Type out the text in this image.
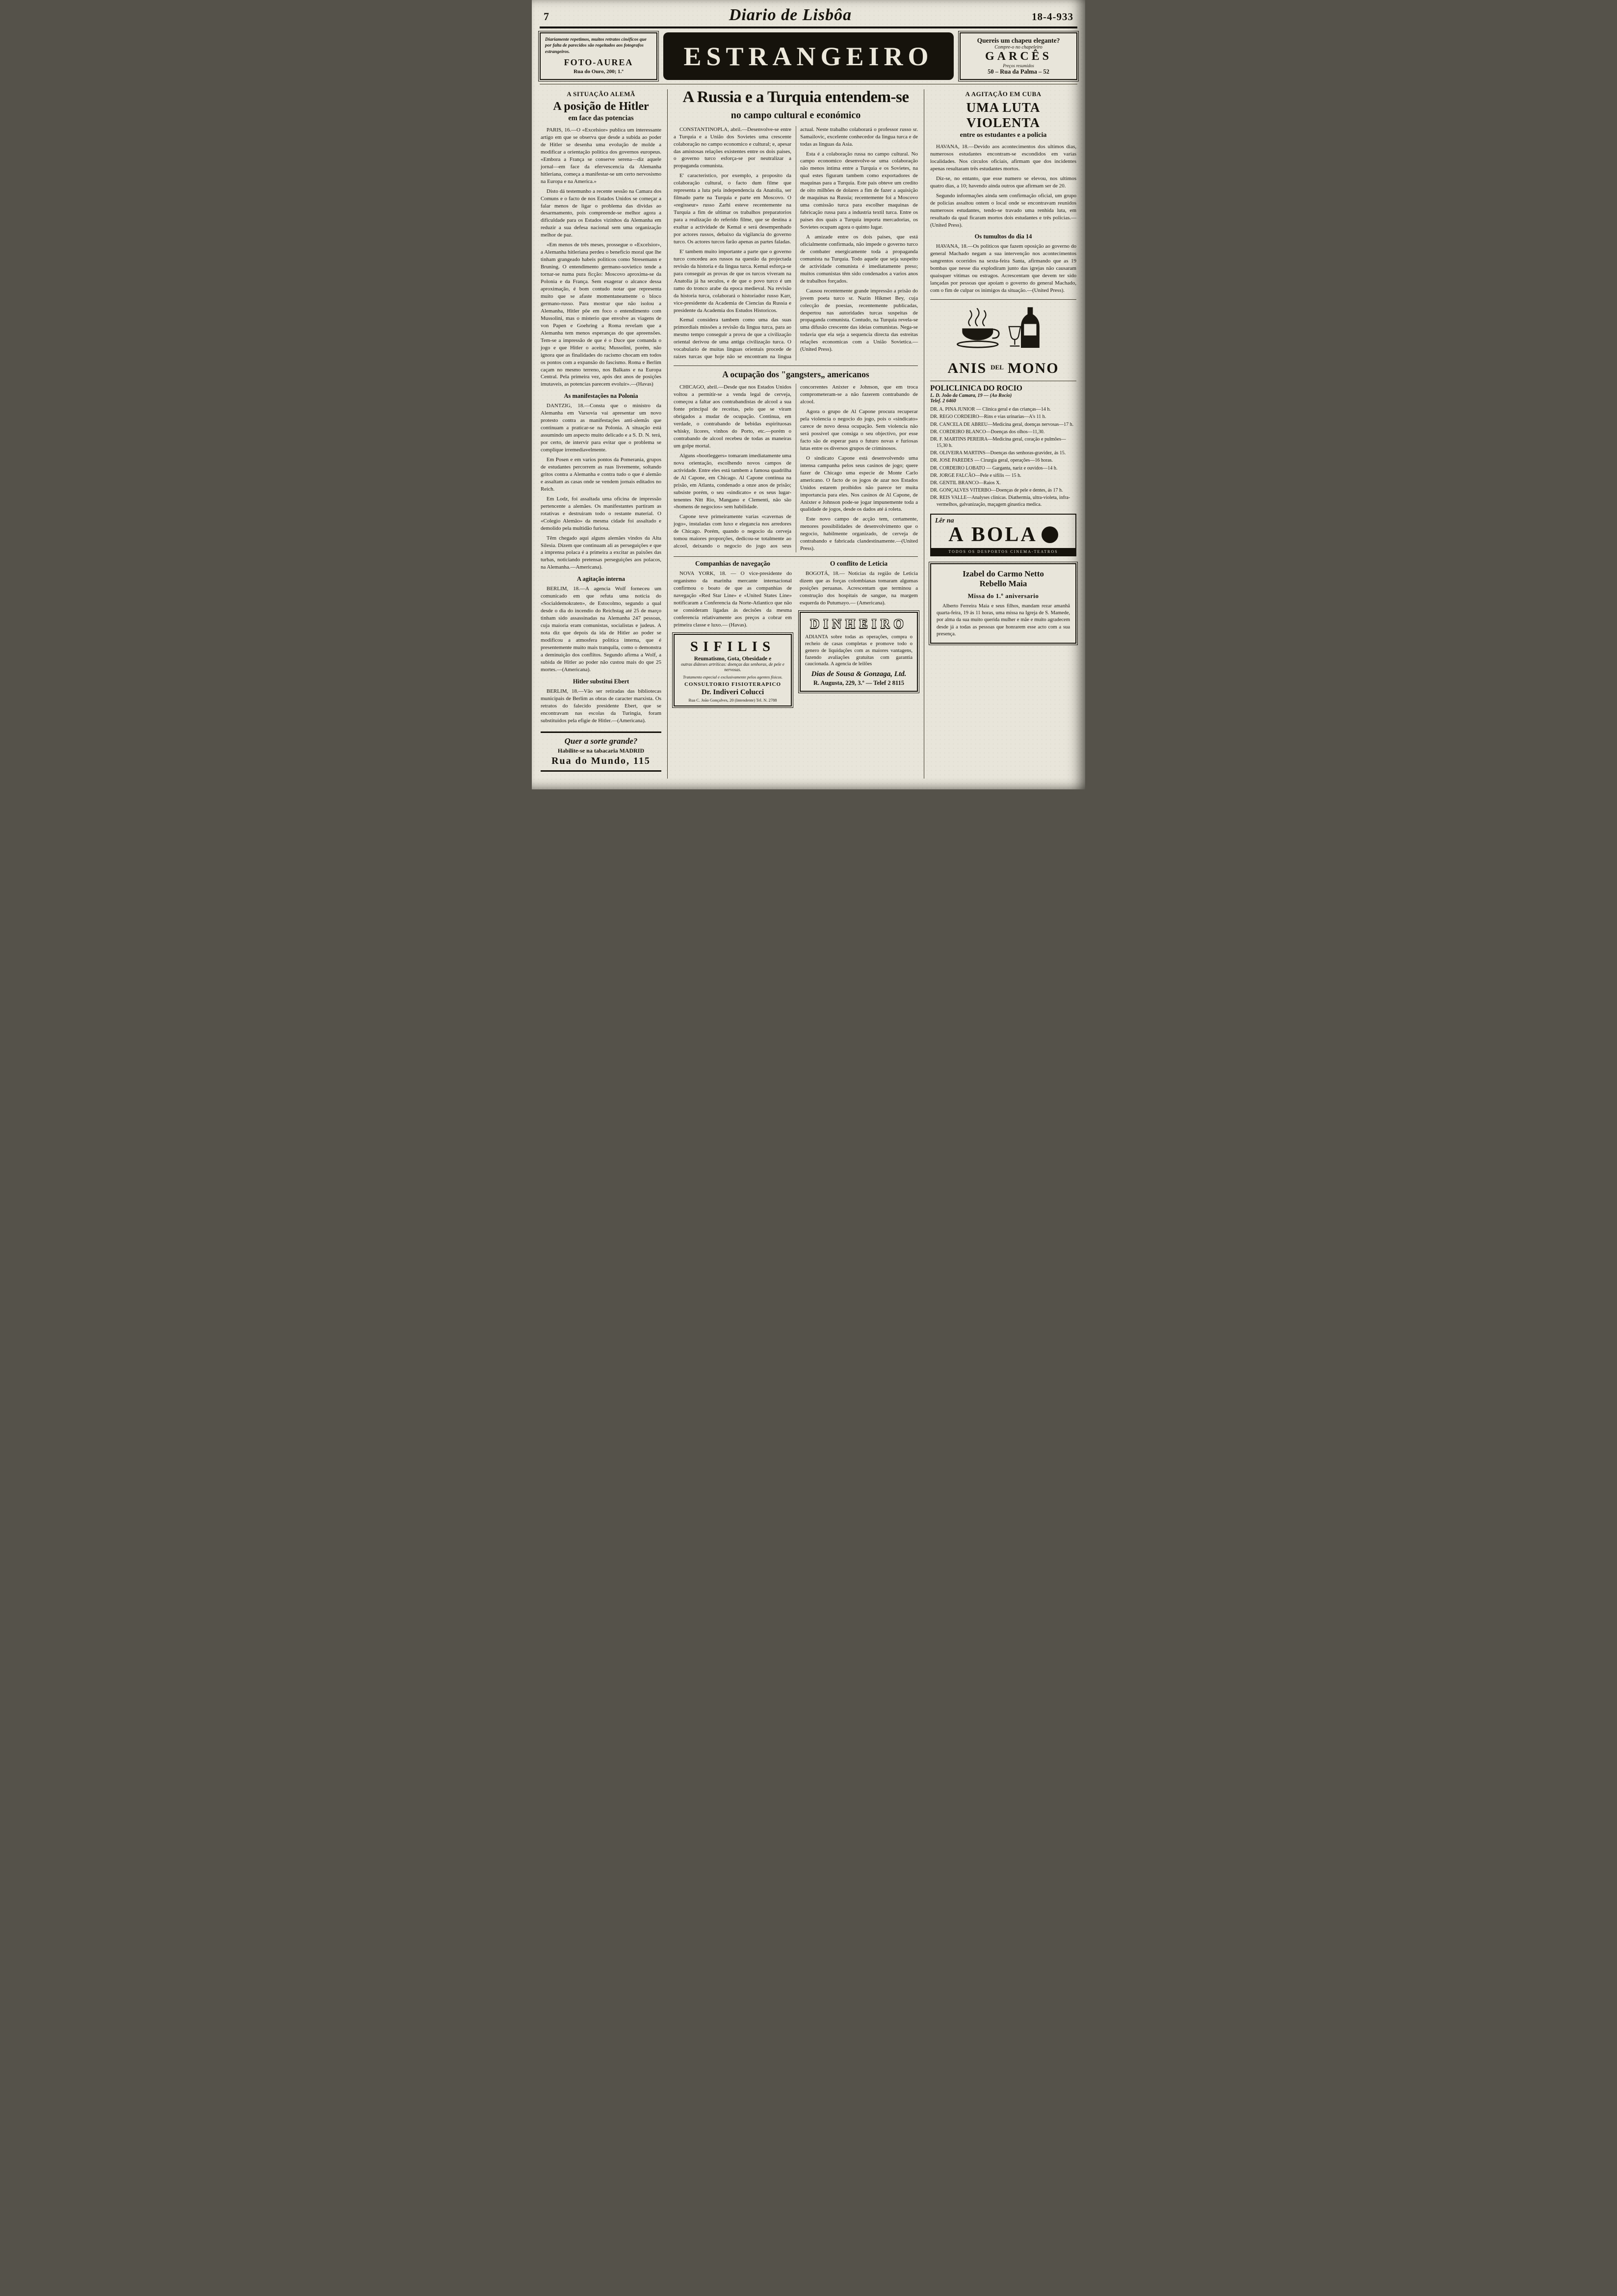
7	Diario de Lisbôa	18-4-933

Diariamente repetimos, muitos retratos cinéficos que por falta de parecidos são regeitados aos fotografos estrangeiros.

FOTO-AUREA
Rua do Ouro, 200; 1.º
ESTRANGEIRO
Quereis um chapeu elegante?
Compre-o no chapeleiro
GARCÊS
Preços resumidos
50 – Rua da Palma – 52
A SITUAÇÃO ALEMÃ
A posição de Hitler
em face das potencias

PARIS, 16.—O «Excelsior» publica um interessante artigo em que se observa que desde a subida ao poder de Hitler se desenha uma evolução de molde a modificar a orientação politica dos governos europeus. «Embora a França se conserve serena—diz aquele jornal—em face da efervescencia da Alemanha hitleriana, começa a manifestar-se um certo nervosismo na Europa e na America.»

Disto dá testemunho a recente sessão na Camara dos Comuns e o facto de nos Estados Unidos se começar a falar menos de ligar o problema das dividas ao desarmamento, pois compreende-se melhor agora a dificuldade para os Estados vizinhos da Alemanha em reduzir a sua defesa nacional sem uma organização melhor de paz.

«Em menos de três meses, prossegue o «Excelsior», a Alemanha hitleriana perdeu o beneficio moral que lhe tinham grangeado habeis politicos como Stresemann e Bruning. O entendimento germano-sovietico tende a tornar-se numa pura ficção: Moscovo aproxima-se da Polonia e da França. Sem exagerar o alcance dessa aproximação, é bom contudo notar que representa muito que se afaste momentaneamente o bloco germano-russo. Para mostrar que não isolou a Alemanha, Hitler põe em foco o entendimento com Mussolini, mas o misterio que envolve as viagens de von Papen e Goehring a Roma revelam que a Alemanha tem menos esperanças do que apreensões. Tem-se a impressão de que é o Duce que comanda o jogo e que Hitler o aceita; Mussolini, porém, não ignora que as finalidades do racismo chocam em todos os pontos com a expansão do fascismo. Roma e Berlim caçam no mesmo terreno, nos Balkans e na Europa Central. Pela primeira vez, após dez anos de posições imutaveis, as potencias parecem evoluir».—(Havas)

As manifestações na Polonia

DANTZIG, 18.—Consta que o ministro da Alemanha em Varsovia vai apresentar um novo protesto contra as manifestações anti-alemãs que continuam a praticar-se na Polonia. A situação está assumindo um aspecto muito delicado e a S. D. N. terá, por certo, de intervir para evitar que o problema se complique irremediavelmente.

Em Posen e em varios pontos da Pomerania, grupos de estudantes percorrem as ruas livremente, soltando gritos contra a Alemanha e contra tudo o que é alemão e assaltam as casas onde se vendem jornais editados no Reich.

Em Lodz, foi assaltada uma oficina de impressão pertencente a alemães. Os manifestantes partiram as rotativas e destruiram todo o restante material. O «Colegio Alemão» da mesma cidade foi assaltado e demolido pela multidão furiosa.

Têm chegado aqui alguns alemães vindos da Alta Silesia. Dizem que continuam ali as perseguições e que a imprensa polaca é a primeira a excitar as paixões das turbas, noticiando pretensas perseguições aos polacos, na Alemanha.—Americana).

A agitação interna

BERLIM, 18.—A agencia Wolf forneceu um comunicado em que refuta uma noticia do «Socialdemokraten», de Estocolmo, segundo a qual desde o dia do incendio do Reichstag até 25 de março tinham sido assassinadas na Alemanha 247 pessoas, cuja maioria eram comunistas, socialistas e judeus. A nota diz que depois da ida de Hitler ao poder se modificou a atmosfera politica interna, que é presentemente muito mais tranquila, como o demonstra a deminuição dos conflitos. Segundo afirma a Wolf, a subida de Hitler ao poder não custou mais do que 25 mortes.—(Americana).

Hitler substitui Ebert

BERLIM, 18.—Vão ser retiradas das bibliotecas municipais de Berlim as obras de caracter marxista. Os retratos do falecido presidente Ebert, que se encontravam nas escolas da Turingia, foram substituidos pela efigie de Hitler.—(Americana).

Quer a sorte grande?
Habilite-se na tabacaria MADRID
Rua do Mundo, 115
A Russia e a Turquia entendem-se
no campo cultural e económico

CONSTANTINOPLA, abril.—Desenvolve-se entre a Turquia e a União dos Sovietes uma crescente colaboração no campo economico e cultural; e, apesar das amistosas relações existentes entre os dois paises, o governo turco esforça-se por neutralizar a propaganda comunista.

E' caracteristico, por exemplo, a proposito da colaboração cultural, o facto dum filme que representa a luta pela independencia da Anatolia, ser filmado parte na Turquia e parte em Moscovo. O «regisseur» russo Zarhi esteve recentemente na Turquia a fim de ultimar os trabalhos preparatorios para a realização do referido filme, que se destina a exaltar a actividade de Kemal e será desempenhado por actores russos, debaixo da vigilancia do governo turco. Os actores turcos farão apenas as partes faladas.

E' tambem muito importante a parte que o governo turco concedeu aos russos na questão da projectada revisão da historia e da lingua turca. Kemal esforça-se para conseguir as provas de que os turcos viveram na Anatolia já ha seculos, e de que o povo turco é um ramo do tronco arabe da epoca medieval. Na revisão da historia turca, colaborará o historiador russo Karr, vice-presidente da Academia de Ciencias da Russia e presidente da Academia dos Estudos Historicos.

Kemal considera tambem como uma das suas primordiais missões a revisão da lingua turca, para ao mesmo tempo conseguir a prova de que a civilização oriental derivou de uma antiga civilização turca. O vocabulario de muitas linguas orientais procede de raizes turcas que hoje não se encontram na lingua actual. Neste trabalho colaborará o professor russo sr. Samailovic, excelente conhecedor da lingua turca e de todas as linguas da Asia.

Esta é a colaboração russa no campo cultural. No campo economico desenvolve-se uma colaboração não menos intima entre a Turquia e os Sovietes, na qual estes figuram tambem como exportadores de maquinas para a Turquia. Este pais obteve um credito de oito milhões de dolares a fim de fazer a aquisição de maquinas na Russia; recentemente foi a Moscovo uma comissão turca para escolher maquinas de fabricação russa para a industria textil turca. Entre os paises dos quais a Turquia importa mercadorias, os Sovietes ocupam agora o quinto lugar.

A amizade entre os dois paises, que está oficialmente confirmada, não impede o governo turco de combater energicamente toda a propaganda comunista na Turquia. Todo aquele que seja suspeito de actividade comunista é imediatamente preso; muitos comunistas têm sido condenados a varios anos de trabalhos forçados.

Causou recentemente grande impressão a prisão do jovem poeta turco sr. Nazin Hikmet Bey, cuja colecção de poesias, recentemente publicadas, despertou nas autoridades turcas suspeitas de propaganda comunista. Contudo, na Turquia revela-se uma difusão crescente das ideias comunistas. Nega-se todavia que ela seja a sequencia directa das estreitas relações economicas com a União Sovietica.—(United Press).

A ocupação dos "gangsters„ americanos

CHICAGO, abril.—Desde que nos Estados Unidos voltou a permitir-se a venda legal de cerveja, começou a faltar aos contrabandistas de alcool a sua fonte principal de receitas, pelo que se viram obrigados a mudar de ocupação. Continua, em verdade, o contrabando de bebidas espirituosas whisky, licores, vinhos do Porto, etc.—porém o contrabando de alcool recebeu de todas as maneiras um golpe mortal.

Alguns «bootleggers» tomaram imediatamente uma nova orientação, escolhendo novos campos de actividade. Entre eles está tambem a famosa quadrilha de Al Capone, em Chicago. Al Capone continua na prisão, em Atlanta, condenado a onze anos de prisão; subsiste porém, o seu «sindicato» e os seus lugar-tenentes Nitt Rio, Mangano e Clementi, não são «homens de negocios» sem habilidade.

Capone teve primeiramente varias «cavernas de jogo», instaladas com luxo e elegancia nos arredores de Chicago. Porém, quando o negocio da cerveja tomou maiores proporções, dedicou-se totalmente ao alcool, deixando o negocio do jogo aos seus concorrentes Anixter e Johnson, que em troca comprometeram-se a não fazerem contrabando de alcool.

Agora o grupo de Al Capone procura recuperar pela violencia o negocio do jogo, pois o «sindicato» carece de novo dessa ocupação. Sem violencia não será possivel que consiga o seu objectivo, por esse facto são de esperar para o futuro novas e furiosas lutas entre os diversos grupos de criminosos.

O sindicato Capone está desenvolvendo uma intensa campanha pelos seus casinos de jogo; quere fazer de Chicago uma especie de Monte Carlo americano. O facto de os jogos de azar nos Estados Unidos estarem proibidos não parece ter muita importancia para eles. Nos casinos de Al Capone, de Anixter e Johnson pode-se jogar impunemente toda a qualidade de jogos, desde os dados até á roleta.

Este novo campo de acção tem, certamente, menores possibilidades de desenvolvimento que o negocio, habilmente organizado, de cerveja de contrabando e fabricada clandestinamente.—(United Press).

Companhias de navegação

NOVA YORK, 18. — O vice-presidente do organismo da marinha mercante internacional confirmou o boato de que as companhias de navegação «Red Star Line» e «United States Line» notificaram a Conferencia da Norte-Atlantico que não se consideram ligadas ás decisões da mesma conferencia relativamente aos preços a cobrar em primeira classe e luxo.— (Havas).

SIFILIS
Reumatismo, Gota, Obesidade e
outras diáteses artríticas: doenças das senhoras, de pele e nervosas.
Tratamento especial e exclusivamente pelos agentes físicos.
CONSULTORIO FISIOTERAPICO
Dr. Indiveri Colucci
Rua C. João Gonçalves, 20 (Intendente) Tel. N. 2788
O conflito de Leticia

BOGOTÁ, 18.— Noticias da região de Leticia dizem que as forças colombianas tomaram algumas posições peruanas. Acrescentam que terminou a construção dos hospitais de sangue, na margem esquerda do Putumayo.— (Americana).

DINHEIRO

ADIANTA sobre todas as operações, compra o recheio de casas completas e promove todo o genero de liquidações com as maiores vantagens, fazendo avaliações gratuitas com garantia caucionada. A agencia de leilões

Dias de Sousa & Gonzaga, Ltd.
R. Augusta, 229, 3.º — Telef 2 8115
A AGITAÇÃO EM CUBA
UMA LUTA VIOLENTA
entre os estudantes e a policia

HAVANA, 18.—Devido aos acontecimentos dos ultimos dias, numerosos estudantes encontram-se escondidos em varias localidades. Nos circulos oficiais, afirmam que dos incidentes apenas resultaram três estudantes mortos.

Diz-se, no entanto, que esse numero se elevou, nos ultimos quatro dias, a 10; havendo ainda outros que afirmam ser de 20.

Segundo informações ainda sem confirmação oficial, um grupo de policias assaltou ontem o local onde se encontravam reunidos numerosos estudantes, tendo-se travado uma renhida luta, em resultado da qual ficaram mortos dois estudantes e três policias.—(United Press).

Os tumultos do dia 14

HAVANA, 18.—Os politicos que fazem oposição ao governo do general Machado negam a sua intervenção nos acontecimentos sangrentos ocorridos na sexta-feira Santa, afirmando que as 19 bombas que nesse dia explodiram junto das igrejas não causaram quaisquer vitimas ou estragos. Acrescentam que devem ter sido lançadas por pessoas que apoiam o governo do general Machado, com o fim de culpar os inimigos da situação.—(United Press).

ANIS $^{DEL}$ MONO
POLICLINICA DO ROCIO

L. D. João da Camara, 19 — (Ao Rocio)

Telef. 2 6460

DR. A. PINA JUNIOR — Clinica geral e das crianças—14 h.
DR. REGO CORDEIRO—Rins e vias urinarias—A's 11 h.
DR. CANCELA DE ABREU—Medicina geral, doenças nervosas—17 h.
DR. CORDEIRO BLANCO—Doenças dos olhos—11,30.
DR. F. MARTINS PEREIRA—Medicina geral, coração e pulmões—15,30 h.
DR. OLIVEIRA MARTINS—Doenças das senhoras-gravidez, ás 15.
DR. JOSE PAREDES — Cirurgia geral, operações—16 horas.
DR. CORDEIRO LOBATO — Garganta, nariz e ouvidos—14 h.
DR. JORGE FALCÃO—Pele e sifilis — 15 h.
DR. GENTIL BRANCO—Raios X.
DR. GONÇALVES VITERBO—Doenças de pele e dentes, ás 17 h.
DR. REIS VALLE—Analyses clinicas. Diathermia, ultra-violeta, infra-vermelhos, galvanização, maçagem ginastica medica.
Lêr na
A BOLA
TODOS OS DESPORTOS CINEMA-TEATROS

Izabel do Carmo Netto

Rebello Maia

Missa do 1.º aniversario

Alberto Ferreira Maia e seus filhos, mandam rezar amanhã quarta-feira, 19 ás 11 horas, uma missa na Igreja de S. Mamede, por alma da sua muito querida mulher e mãe e muito agradecem desde já a todas as pessoas que honrarem esse acto com a sua presença.
